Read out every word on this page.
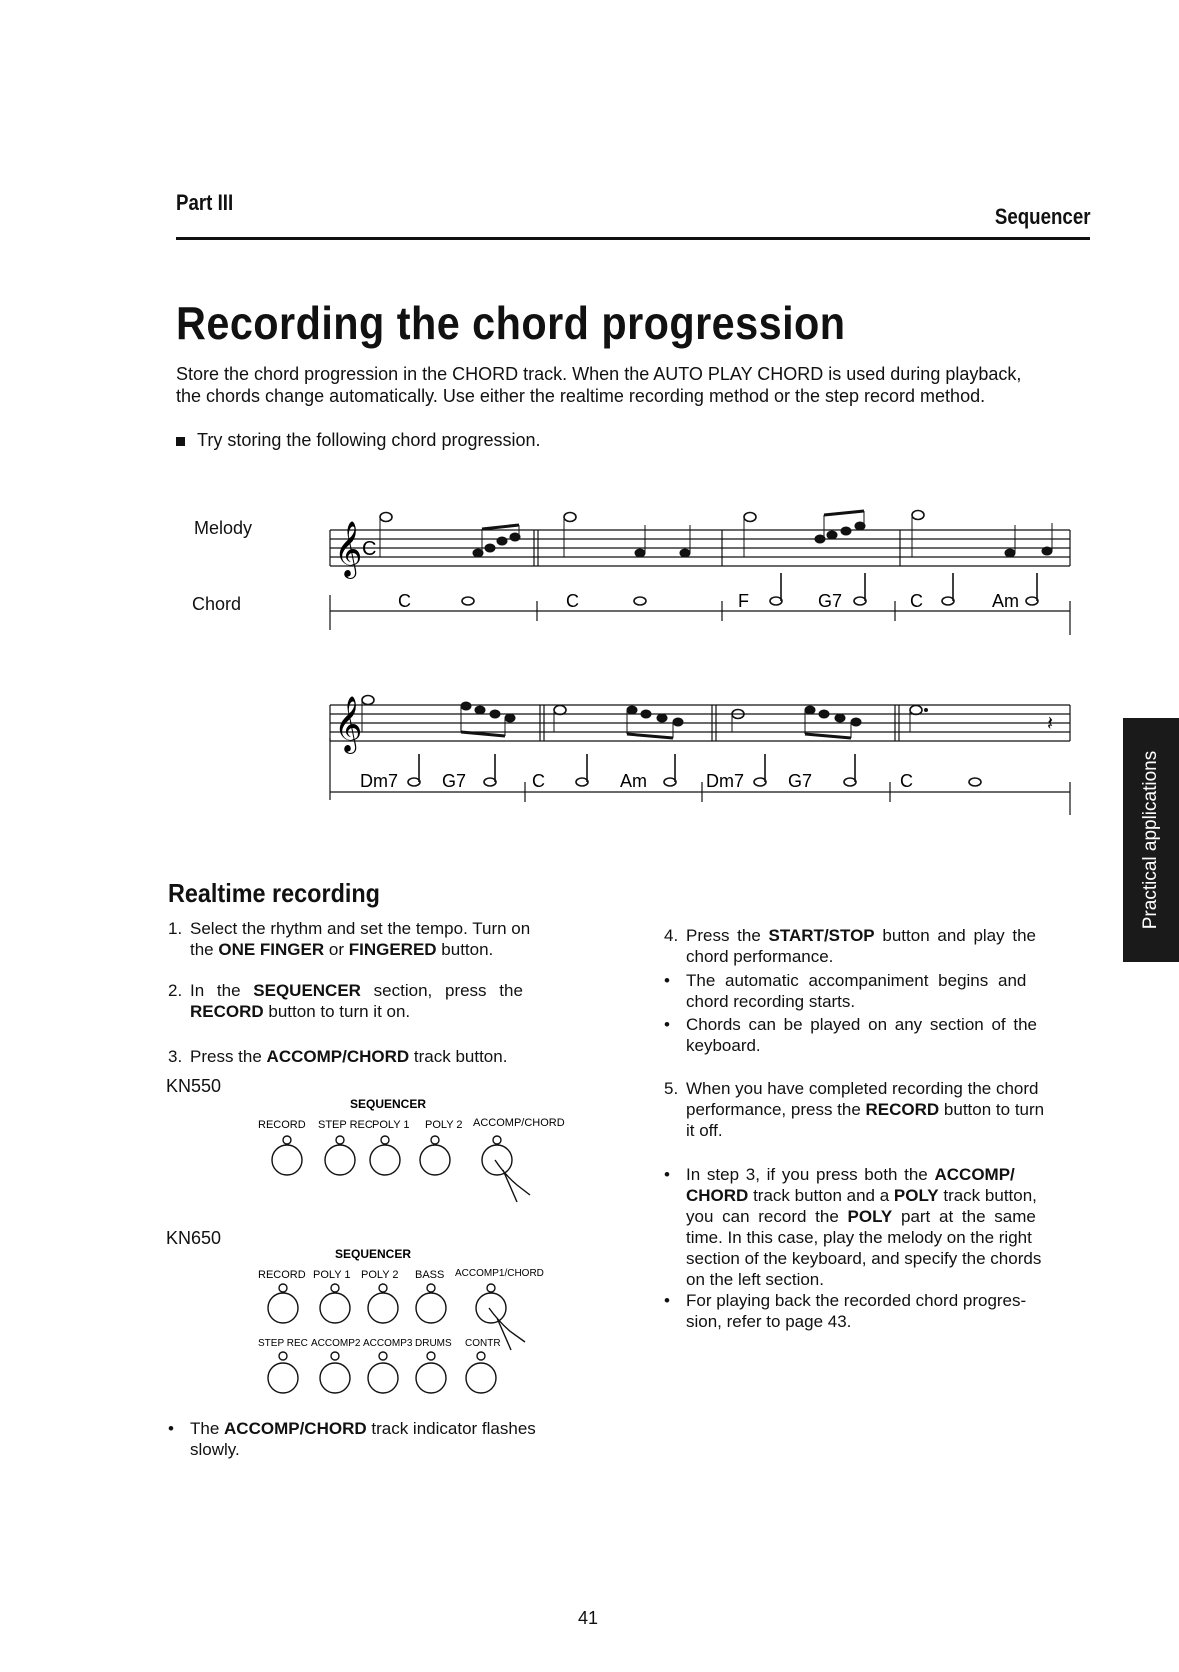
Part III
Sequencer
Recording the chord progression
Store the chord progression in the CHORD track. When the AUTO PLAY CHORD is used during playback,
the chords change automatically. Use either the realtime recording method or the step record method.
Try storing the following chord progression.
Melody
Chord
𝄞 C
C	C	F	G7	C	Am
𝄞	𝄽
Dm7 G7	C	Am	Dm7 G7	C
Realtime recording
1. Select the rhythm and set the tempo. Turn on
the ONE FINGER or FINGERED button.
2. In the SEQUENCER section, press the
RECORD button to turn it on.
3. Press the ACCOMP/CHORD track button.
KN550
KN650
SEQUENCER
RECORD STEP REC POLY 1 POLY 2 ACCOMP/CHORD
SEQUENCER
RECORD POLY 1 POLY 2 BASS ACCOMP1/CHORD
STEP REC ACCOMP2 ACCOMP3 DRUMS CONTR
• The ACCOMP/CHORD track indicator flashes
slowly.
4. Press the START/STOP button and play the
chord performance.
• The automatic accompaniment begins and
chord recording starts.
• Chords can be played on any section of the
keyboard.
5. When you have completed recording the chord
performance, press the RECORD button to turn
it off.
• In step 3, if you press both the ACCOMP/
CHORD track button and a POLY track button,
you can record the POLY part at the same
time. In this case, play the melody on the right
section of the keyboard, and specify the chords
on the left section.
• For playing back the recorded chord progres-
sion, refer to page 43.
Practical applications
41
